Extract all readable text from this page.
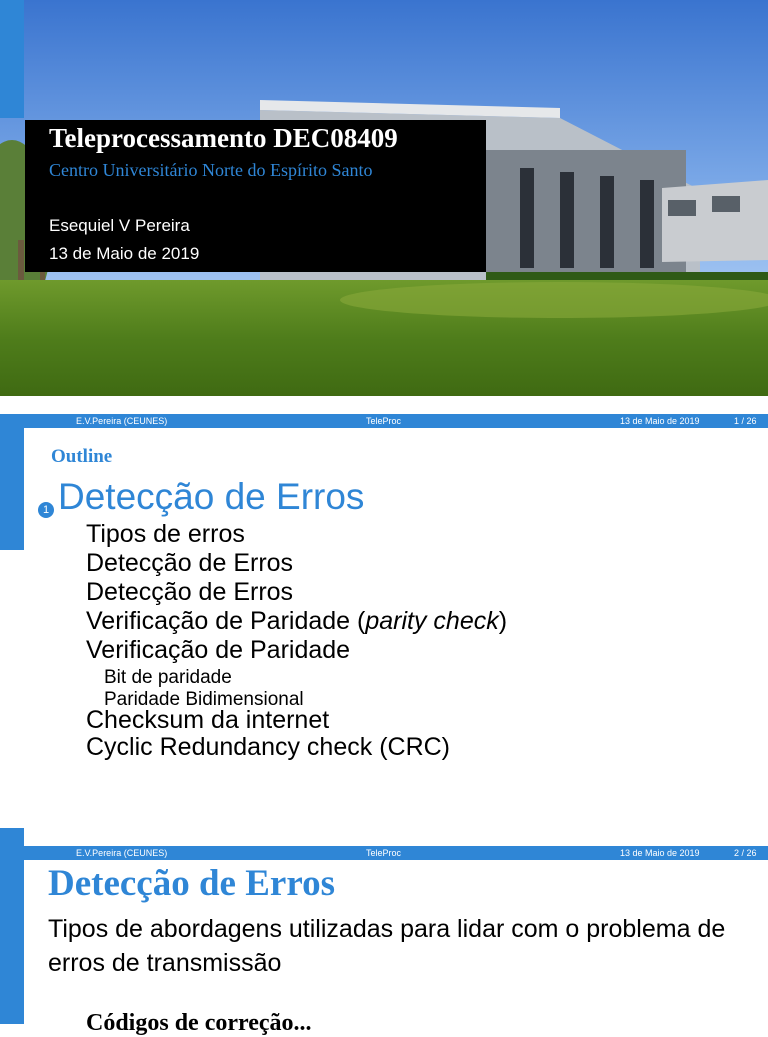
Teleprocessamento DEC08409
Centro Universitário Norte do Espírito Santo
Esequiel V Pereira
13 de Maio de 2019
E.V.Pereira (CEUNES)	TeleProc	13 de Maio de 2019	1 / 26
Outline
1 Detecção de Erros
Tipos de erros
Detecção de Erros
Detecção de Erros
Verificação de Paridade (parity check)
Verificação de Paridade
Bit de paridade
Paridade Bidimensional
Checksum da internet
Cyclic Redundancy check (CRC)
E.V.Pereira (CEUNES)	TeleProc	13 de Maio de 2019	2 / 26
Detecção de Erros
Tipos de abordagens utilizadas para lidar com o problema de erros de transmissão
Códigos de correção...
